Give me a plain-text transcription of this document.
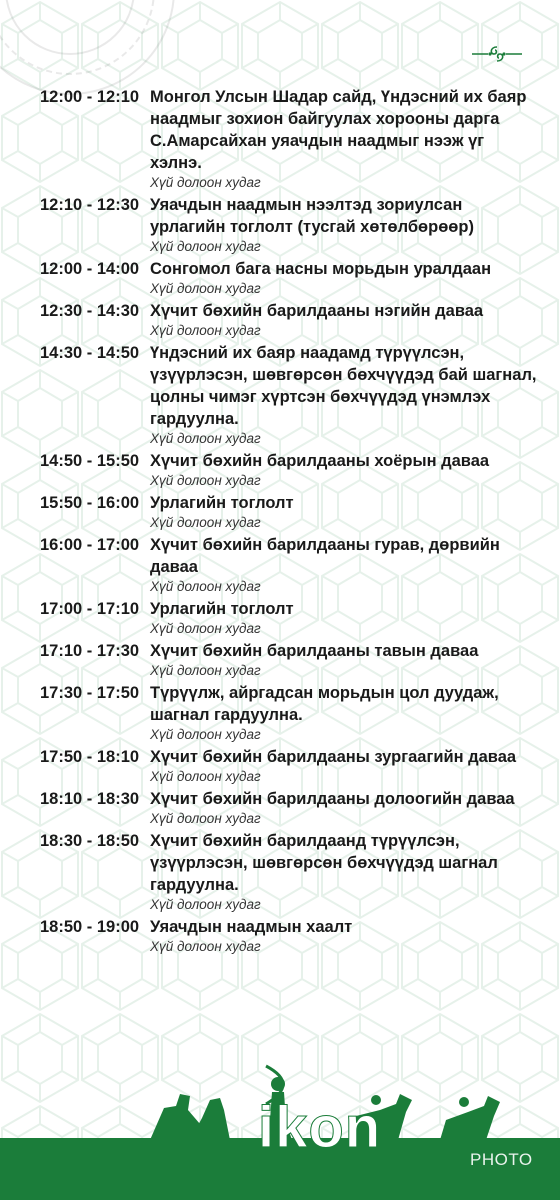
12:00 - 12:10 Монгол Улсын Шадар сайд, Үндэсний их баяр наадмыг зохион байгуулах хорооны дарга С.Амарсайхан уяачдын наадмыг нээж үг хэлнэ.
Хүй долоон худаг
12:10 - 12:30 Уяачдын наадмын нээлтэд зориулсан урлагийн тоглолт (тусгай хөтөлбөрөөр)
Хүй долоон худаг
12:00 - 14:00 Сонгомол бага насны морьдын уралдаан
Хүй долоон худаг
12:30 - 14:30 Хүчит бөхийн барилдааны нэгийн даваа
Хүй долоон худаг
14:30 - 14:50 Үндэсний их баяр наадамд түрүүлсэн, үзүүрлэсэн, шөвгөрсөн бөхчүүдэд бай шагнал, цолны чимэг хүртсэн бөхчүүдэд үнэмлэх гардуулна.
Хүй долоон худаг
14:50 - 15:50 Хүчит бөхийн барилдааны хоёрын даваа
Хүй долоон худаг
15:50 - 16:00 Урлагийн тоглолт
Хүй долоон худаг
16:00 - 17:00 Хүчит бөхийн барилдааны гурав, дөрвийн даваа
Хүй долоон худаг
17:00 - 17:10 Урлагийн тоглолт
Хүй долоон худаг
17:10 - 17:30 Хүчит бөхийн барилдааны тавын даваа
Хүй долоон худаг
17:30 - 17:50 Түрүүлж, айргадсан морьдын цол дуудаж, шагнал гардуулна.
Хүй долоон худаг
17:50 - 18:10 Хүчит бөхийн барилдааны зургаагийн даваа
Хүй долоон худаг
18:10 - 18:30 Хүчит бөхийн барилдааны долоогийн даваа
Хүй долоон худаг
18:30 - 18:50 Хүчит бөхийн барилдаанд түрүүлсэн, үзүүрлэсэн, шөвгөрсөн бөхчүүдэд шагнал гардуулна.
Хүй долоон худаг
18:50 - 19:00 Уяачдын наадмын хаалт
Хүй долоон худаг
ikon	PHOTO
